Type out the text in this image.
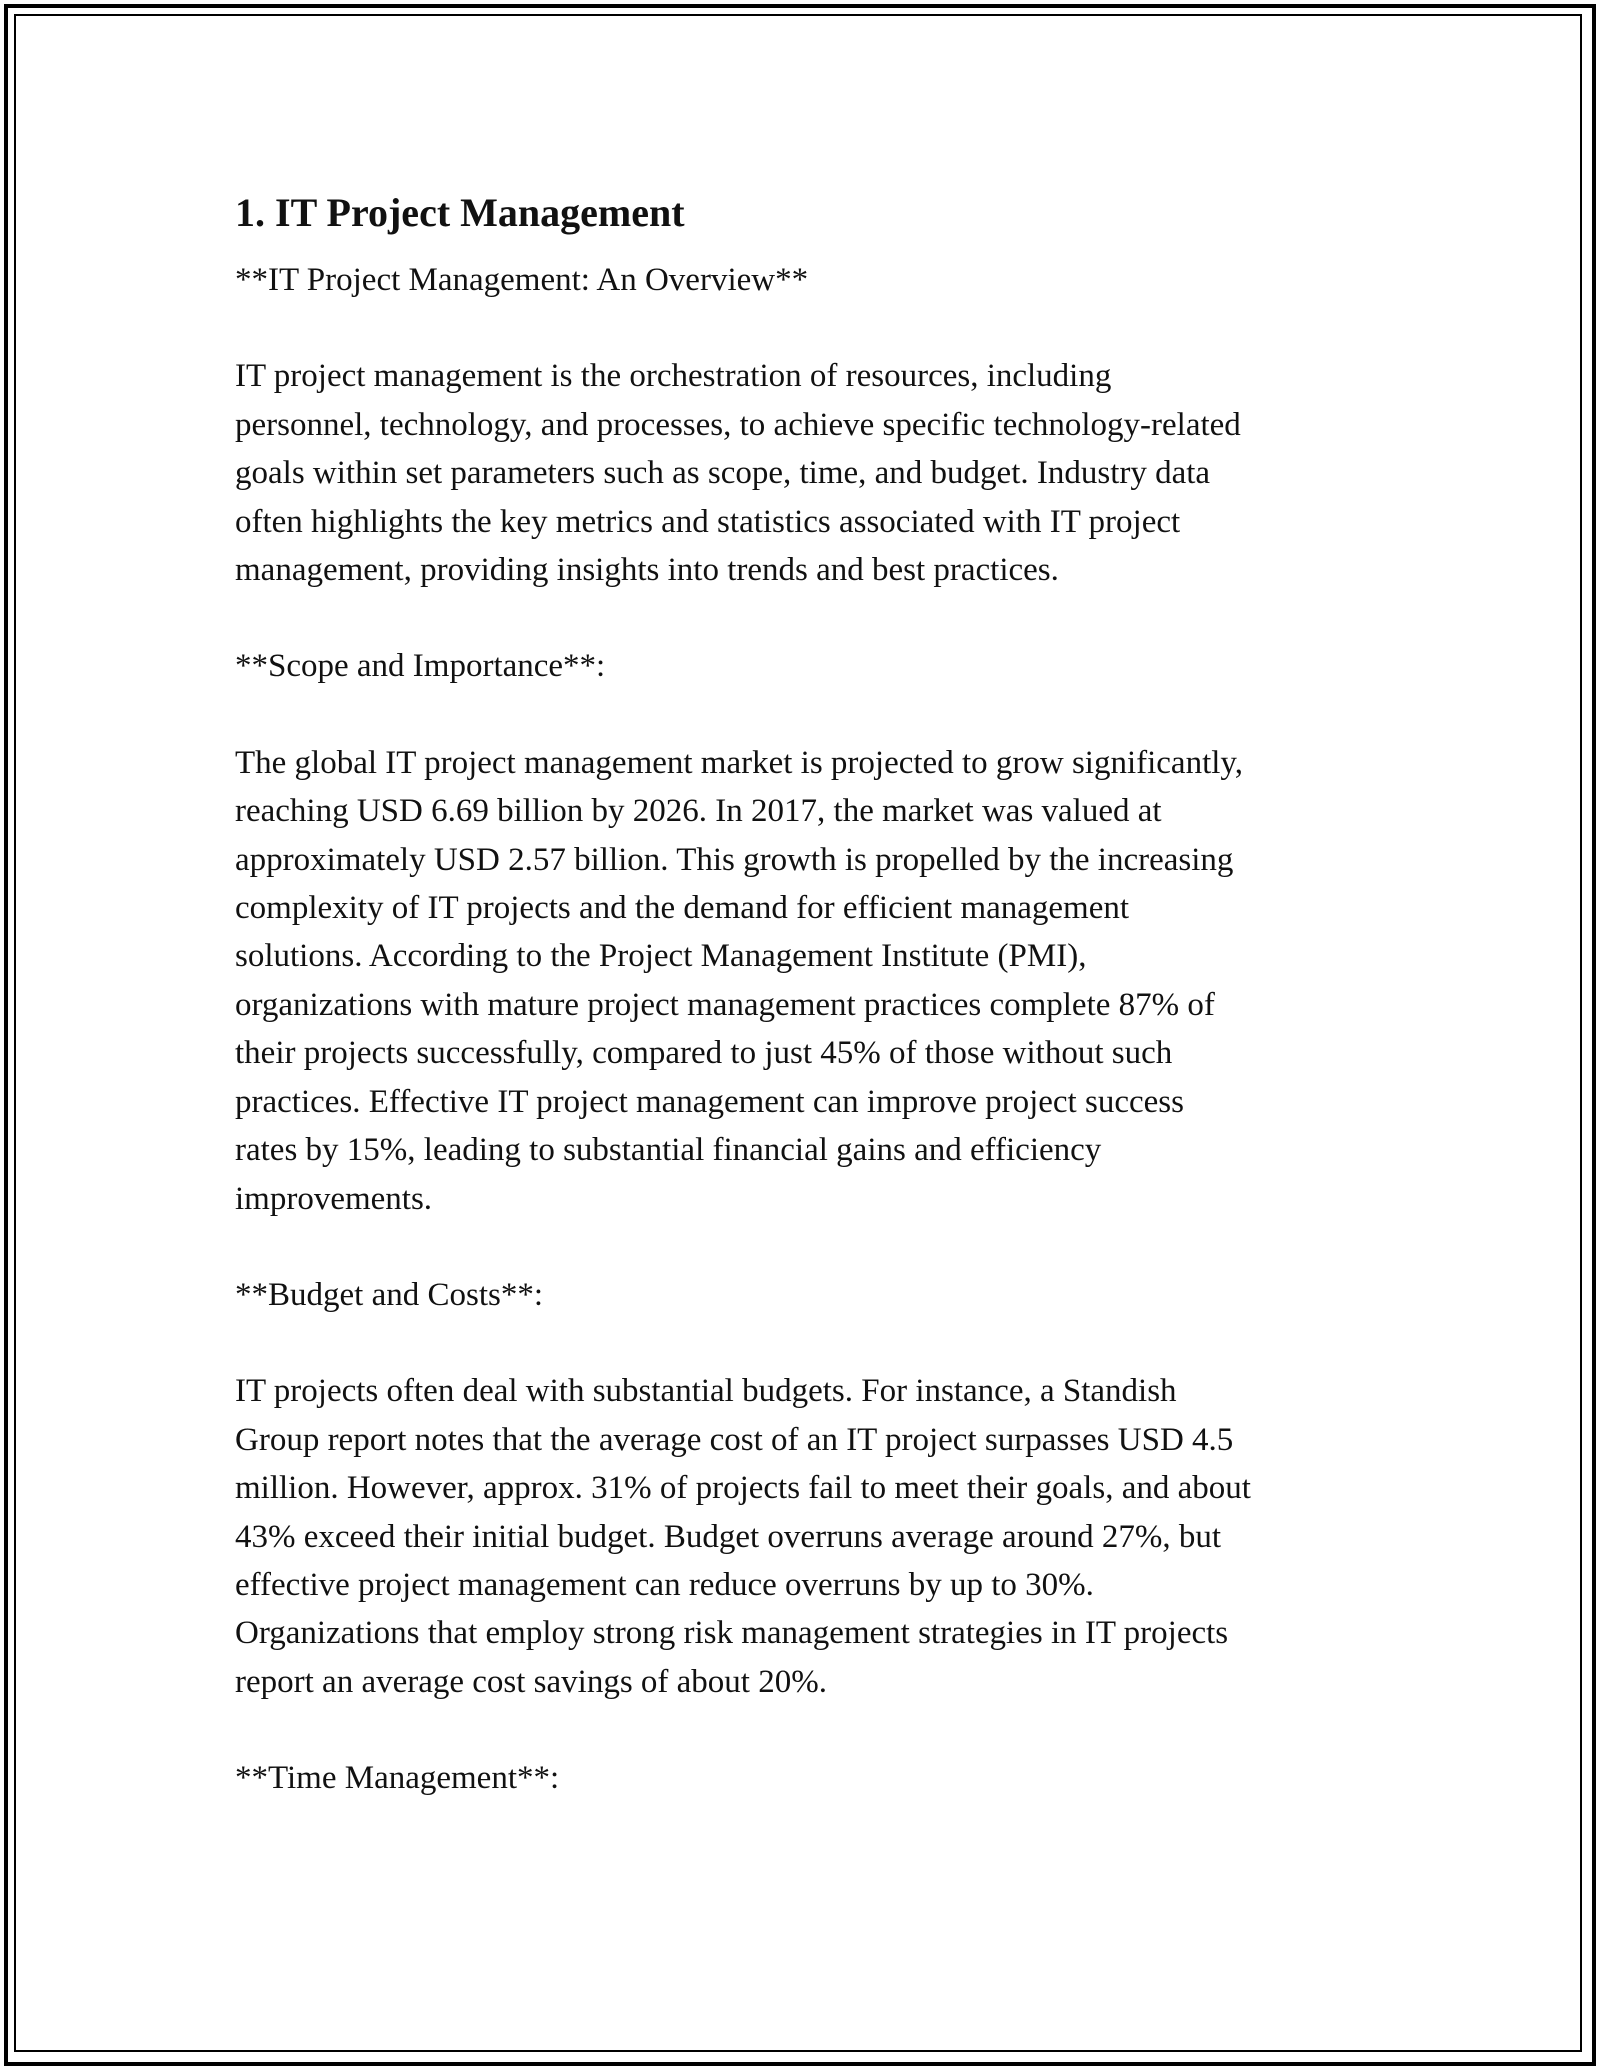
1. IT Project Management

**IT Project Management: An Overview**

IT project management is the orchestration of resources, including
personnel, technology, and processes, to achieve specific technology-related
goals within set parameters such as scope, time, and budget. Industry data
often highlights the key metrics and statistics associated with IT project
management, providing insights into trends and best practices.

**Scope and Importance**:

The global IT project management market is projected to grow significantly,
reaching USD 6.69 billion by 2026. In 2017, the market was valued at
approximately USD 2.57 billion. This growth is propelled by the increasing
complexity of IT projects and the demand for efficient management
solutions. According to the Project Management Institute (PMI),
organizations with mature project management practices complete 87% of
their projects successfully, compared to just 45% of those without such
practices. Effective IT project management can improve project success
rates by 15%, leading to substantial financial gains and efficiency
improvements.

**Budget and Costs**:

IT projects often deal with substantial budgets. For instance, a Standish
Group report notes that the average cost of an IT project surpasses USD 4.5
million. However, approx. 31% of projects fail to meet their goals, and about
43% exceed their initial budget. Budget overruns average around 27%, but
effective project management can reduce overruns by up to 30%.
Organizations that employ strong risk management strategies in IT projects
report an average cost savings of about 20%.

**Time Management**:
